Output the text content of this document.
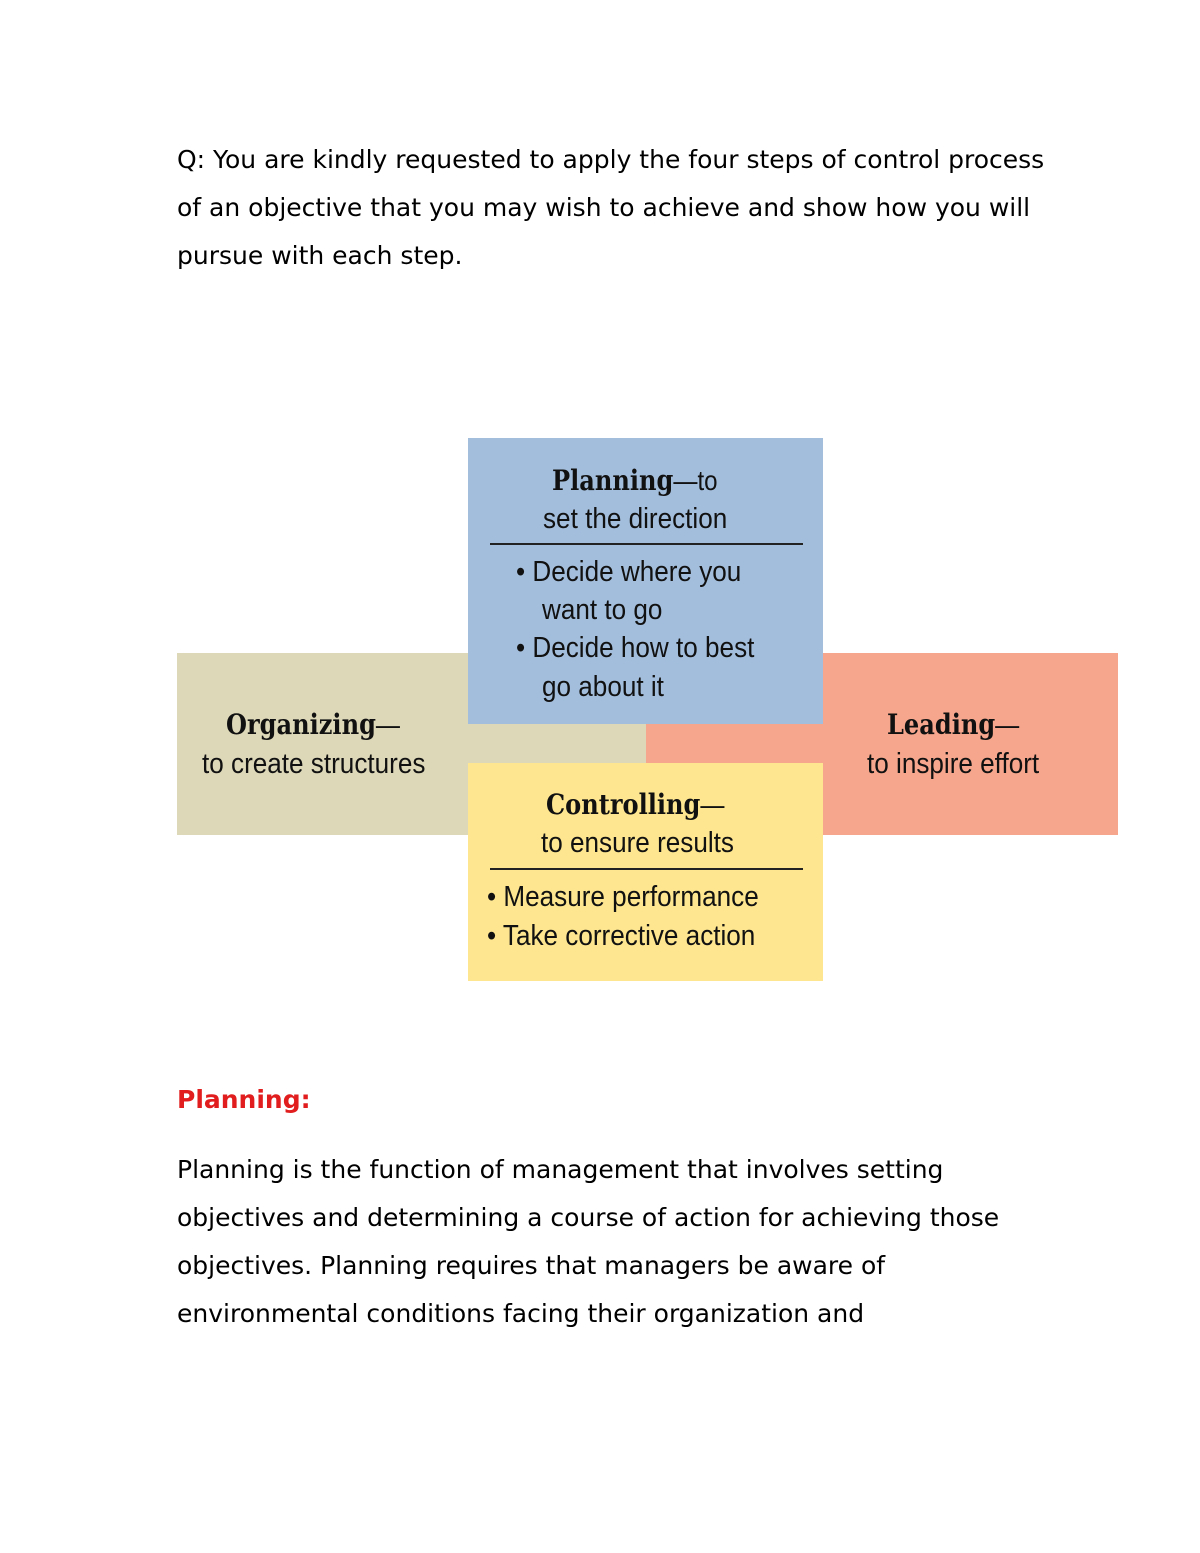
Q: You are kindly requested to apply the four steps of control process of an objective that you may wish to achieve and show how you will pursue with each step.

Planning—to
set the direction
• Decide where you
want to go
• Decide how to best
go about it
Organizing—
to create structures
Leading—
to inspire effort
Controlling—
to ensure results
• Measure performance
• Take corrective action
Planning:

Planning is the function of management that involves setting objectives and determining a course of action for achieving those objectives. Planning requires that managers be aware of environmental conditions facing their organization and
